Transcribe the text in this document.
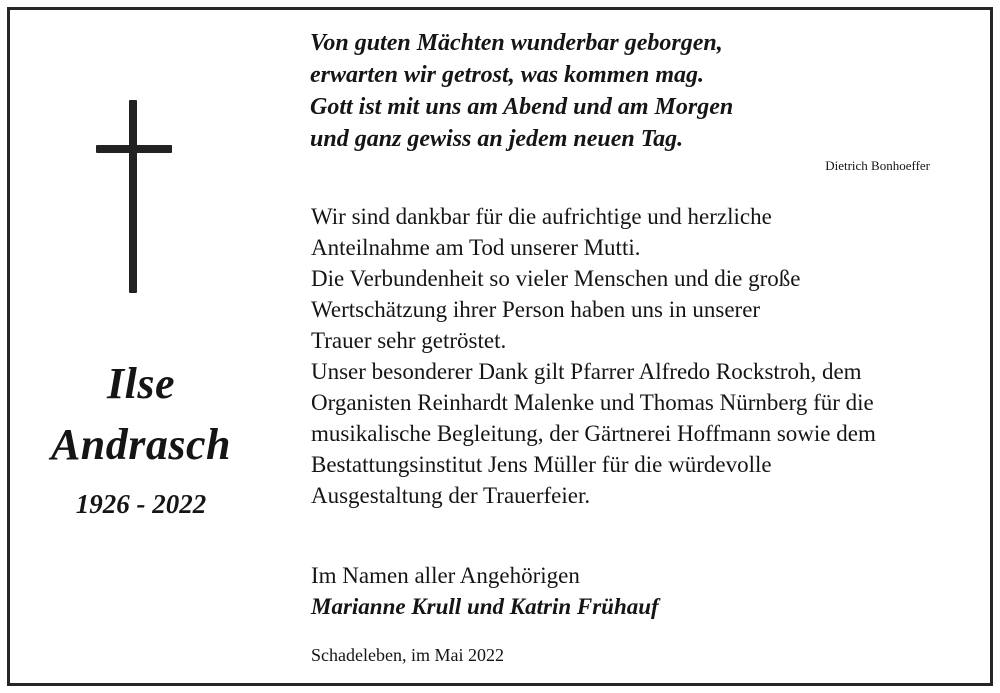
Ilse
Andrasch
1926 - 2022
Von guten Mächten wunderbar geborgen,
erwarten wir getrost, was kommen mag.
Gott ist mit uns am Abend und am Morgen
und ganz gewiss an jedem neuen Tag.
Dietrich Bonhoeffer
Wir sind dankbar für die aufrichtige und herzliche
Anteilnahme am Tod unserer Mutti.
Die Verbundenheit so vieler Menschen und die große
Wertschätzung ihrer Person haben uns in unserer
Trauer sehr getröstet.
Unser besonderer Dank gilt Pfarrer Alfredo Rockstroh, dem
Organisten Reinhardt Malenke und Thomas Nürnberg für die
musikalische Begleitung, der Gärtnerei Hoffmann sowie dem
Bestattungsinstitut Jens Müller für die würdevolle
Ausgestaltung der Trauerfeier.
Im Namen aller Angehörigen
Marianne Krull und Katrin Frühauf
Schadeleben, im Mai 2022
